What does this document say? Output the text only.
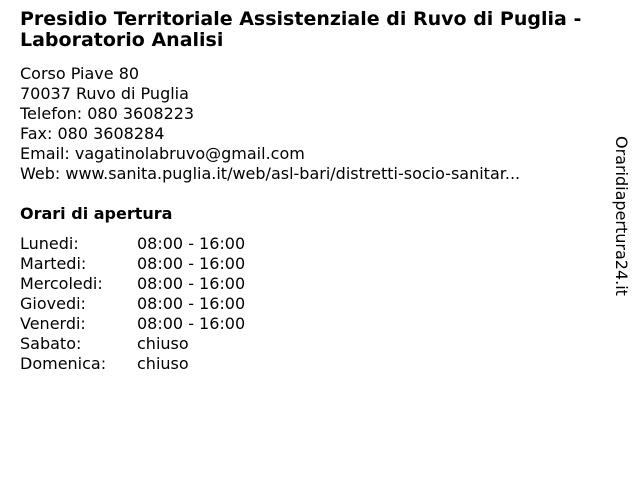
Presidio Territoriale Assistenziale di Ruvo di Puglia -
Laboratorio Analisi
Corso Piave 80
70037 Ruvo di Puglia
Telefon: 080 3608223
Fax: 080 3608284
Email: vagatinolabruvo@gmail.com
Web: www.sanita.puglia.it/web/asl-bari/distretti-socio-sanitar...
Orari di apertura
Lunedi:	08:00 - 16:00
Martedi:	08:00 - 16:00
Mercoledi: 08:00 - 16:00
Giovedi:	08:00 - 16:00
Venerdi:	08:00 - 16:00
Sabato:	chiuso
Domenica: chiuso
Oraridiapertura24.it
